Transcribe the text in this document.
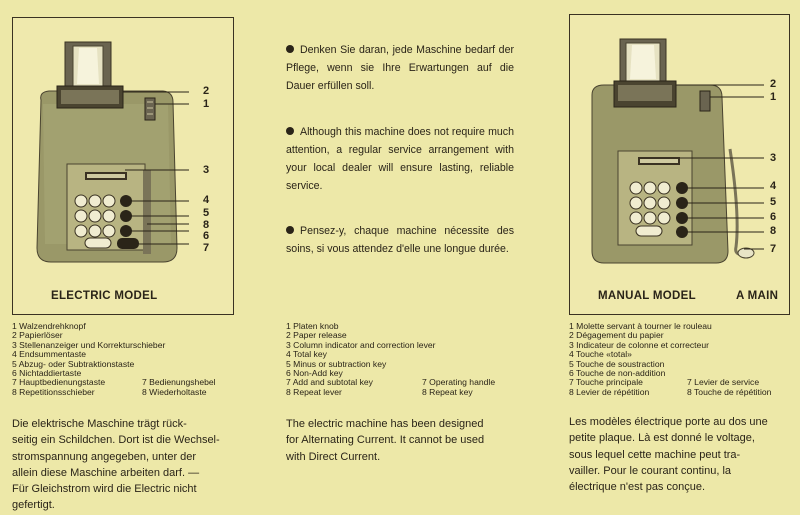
2
1
3
4
5
8
6
7
ELECTRIC MODEL
Denken Sie daran, jede Maschine bedarf der Pflege, wenn sie Ihre Erwartungen auf die Dauer erfüllen soll.
Although this machine does not require much attention, a regular service arrangement with your local dealer will ensure lasting, reliable service.
Pensez-y, chaque machine nécessite des soins, si vous attendez d'elle une longue durée.
2
1
3
4
5
6
8
7
MANUAL MODEL	A MAIN
1 Walzendrehknopf
2 Papierlöser
3 Stellenanzeiger und Korrekturschieber
4 Endsummentaste
5 Abzug- oder Subtraktionstaste
6 Nichtaddiertaste
7 Hauptbedienungstaste	7 Bedienungshebel
8 Repetitionsschieber	8 Wiederholtaste
1 Platen knob
2 Paper release
3 Column indicator and correction lever
4 Total key
5 Minus or subtraction key
6 Non-Add key
7 Add and subtotal key	7 Operating handle
8 Repeat lever	8 Repeat key
1 Molette servant à tourner le rouleau
2 Dégagement du papier
3 Indicateur de colonne et correcteur
4 Touche «total»
5 Touche de soustraction
6 Touche de non-addition
7 Touche principale	7 Levier de service
8 Levier de répétition	8 Touche de répétition
Die elektrische Maschine trägt rück-
seitig ein Schildchen. Dort ist die Wechsel-
stromspannung angegeben, unter der
allein diese Maschine arbeiten darf. —
Für Gleichstrom wird die Electric nicht
gefertigt.
The electric machine has been designed
for Alternating Current. It cannot be used
with Direct Current.
Les modèles électrique porte au dos une
petite plaque. Là est donné le voltage,
sous lequel cette machine peut tra-
vailler. Pour le courant continu, la
électrique n'est pas conçue.
